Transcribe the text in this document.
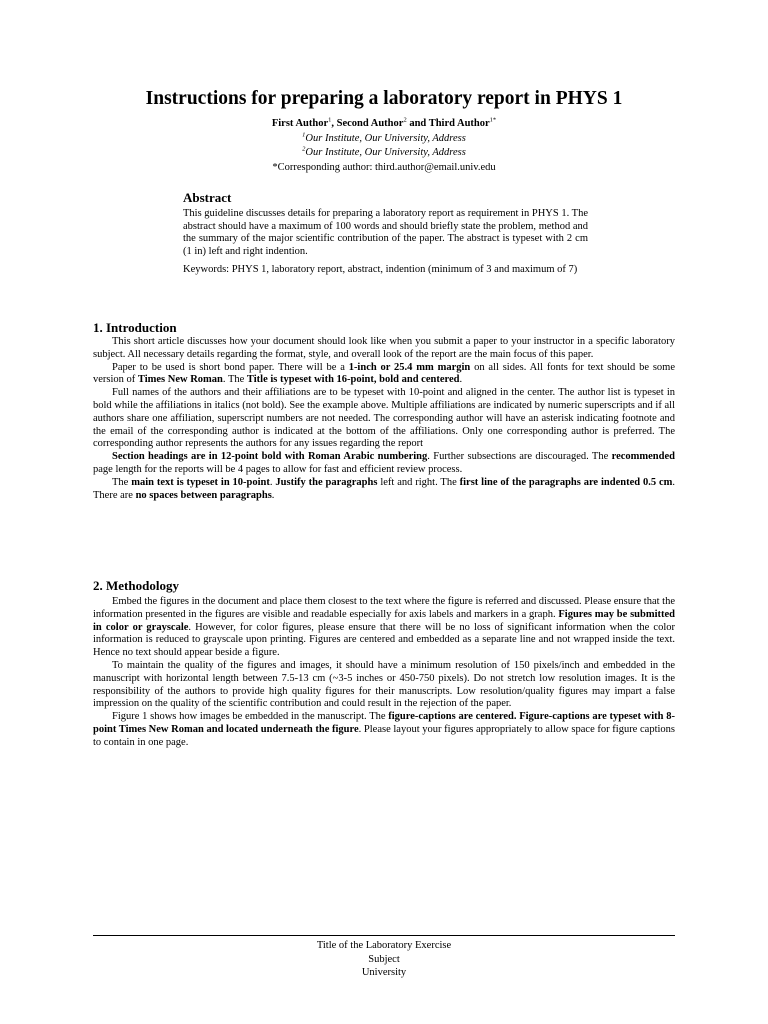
Instructions for preparing a laboratory report in PHYS 1
First Author$^1$, Second Author$^2$ and Third Author$^{1*}$
$^1$Our Institute, Our University, Address
$^2$Our Institute, Our University, Address
*Corresponding author: third.author@email.univ.edu
Abstract

This guideline discusses details for preparing a laboratory report as requirement in PHYS 1. The abstract should have a maximum of 100 words and should briefly state the problem, method and the summary of the major scientific contribution of the paper. The abstract is typeset with 2 cm (1 in) left and right indention.

Keywords: PHYS 1, laboratory report, abstract, indention (minimum of 3 and maximum of 7)

1. Introduction

This short article discusses how your document should look like when you submit a paper to your instructor in a specific laboratory subject. All necessary details regarding the format, style, and overall look of the report are the main focus of this paper.

Paper to be used is short bond paper. There will be a 1-inch or 25.4 mm margin on all sides. All fonts for text should be some version of Times New Roman. The Title is typeset with 16-point, bold and centered.

Full names of the authors and their affiliations are to be typeset with 10-point and aligned in the center. The author list is typeset in bold while the affiliations in italics (not bold). See the example above. Multiple affiliations are indicated by numeric superscripts and if all authors share one affiliation, superscript numbers are not needed. The corresponding author will have an asterisk indicating footnote and the email of the corresponding author is indicated at the bottom of the affiliations. Only one corresponding author is preferred. The corresponding author represents the authors for any issues regarding the report

Section headings are in 12-point bold with Roman Arabic numbering. Further subsections are discouraged. The recommended page length for the reports will be 4 pages to allow for fast and efficient review process.

The main text is typeset in 10-point. Justify the paragraphs left and right. The first line of the paragraphs are indented 0.5 cm. There are no spaces between paragraphs.

2. Methodology

Embed the figures in the document and place them closest to the text where the figure is referred and discussed. Please ensure that the information presented in the figures are visible and readable especially for axis labels and markers in a graph. Figures may be submitted in color or grayscale. However, for color figures, please ensure that there will be no loss of significant information when the color information is reduced to grayscale upon printing. Figures are centered and embedded as a separate line and not wrapped inside the text. Hence no text should appear beside a figure.

To maintain the quality of the figures and images, it should have a minimum resolution of 150 pixels/inch and embedded in the manuscript with horizontal length between 7.5-13 cm (~3-5 inches or 450-750 pixels). Do not stretch low resolution images. It is the responsibility of the authors to provide high quality figures for their manuscripts. Low resolution/quality figures may impart a false impression on the quality of the scientific contribution and could result in the rejection of the paper.

Figure 1 shows how images be embedded in the manuscript. The figure-captions are centered. Figure-captions are typeset with 8-point Times New Roman and located underneath the figure. Please layout your figures appropriately to allow space for figure captions to contain in one page.

Title of the Laboratory Exercise
Subject
University
